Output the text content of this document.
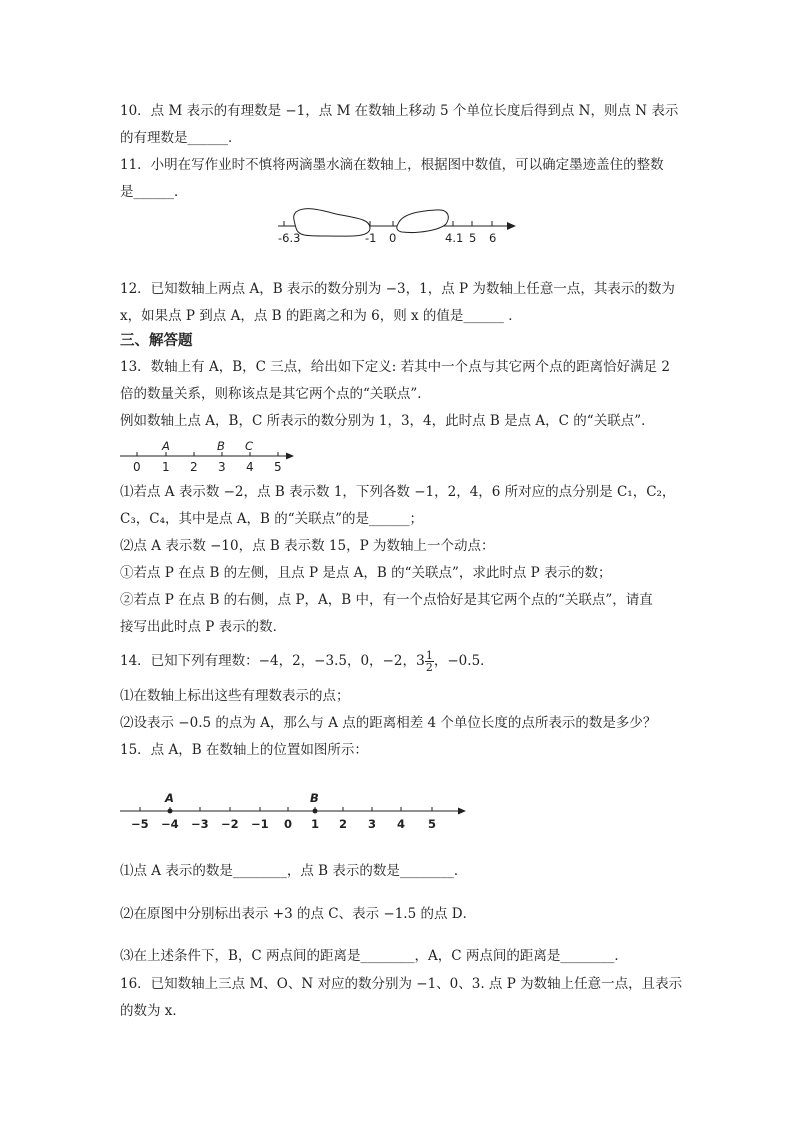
10．点 M 表示的有理数是 −1，点 M 在数轴上移动 5 个单位长度后得到点 N，则点 N 表示
的有理数是______．
11．小明在写作业时不慎将两滴墨水滴在数轴上，根据图中数值，可以确定墨迹盖住的整数
是______．
-6.3	-1 0	4.1 5 6
12．已知数轴上两点 A，B 表示的数分别为 −3，1，点 P 为数轴上任意一点，其表示的数为
x，如果点 P 到点 A，点 B 的距离之和为 6，则 x 的值是______ ．
三、解答题
13．数轴上有 A，B，C 三点，给出如下定义: 若其中一个点与其它两个点的距离恰好满足 2
倍的数量关系，则称该点是其它两个点的“关联点”．
例如数轴上点 A，B，C 所表示的数分别为 1，3，4，此时点 B 是点 A，C 的“关联点”．
A	B C
0 1 2 3 4 5
⑴若点 A 表示数 −2，点 B 表示数 1，下列各数 −1，2，4，6 所对应的点分别是 C₁，C₂，
C₃，C₄，其中是点 A，B 的“关联点”的是______；
⑵点 A 表示数 −10，点 B 表示数 15，P 为数轴上一个动点：
①若点 P 在点 B 的左侧，且点 P 是点 A，B 的“关联点”，求此时点 P 表示的数；
②若点 P 在点 B 的右侧，点 P，A，B 中，有一个点恰好是其它两个点的“关联点”，请直
接写出此时点 P 表示的数．
14．已知下列有理数：−4，2，−3.5，0，−2，$3 \frac{1}{2}$ ，−0.5．
⑴在数轴上标出这些有理数表示的点；
⑵设表示 −0.5 的点为 A，那么与 A 点的距离相差 4 个单位长度的点所表示的数是多少？
15．点 A，B 在数轴上的位置如图所示：
A	B
−5 −4 −3 −2 −1 0 1 2 3 4 5
⑴点 A 表示的数是________，点 B 表示的数是________．
⑵在原图中分别标出表示 +3 的点 C、表示 −1.5 的点 D．
⑶在上述条件下，B，C 两点间的距离是________，A，C 两点间的距离是________．
16．已知数轴上三点 M、O、N 对应的数分别为 −1、0、3. 点 P 为数轴上任意一点，且表示
的数为 x．
